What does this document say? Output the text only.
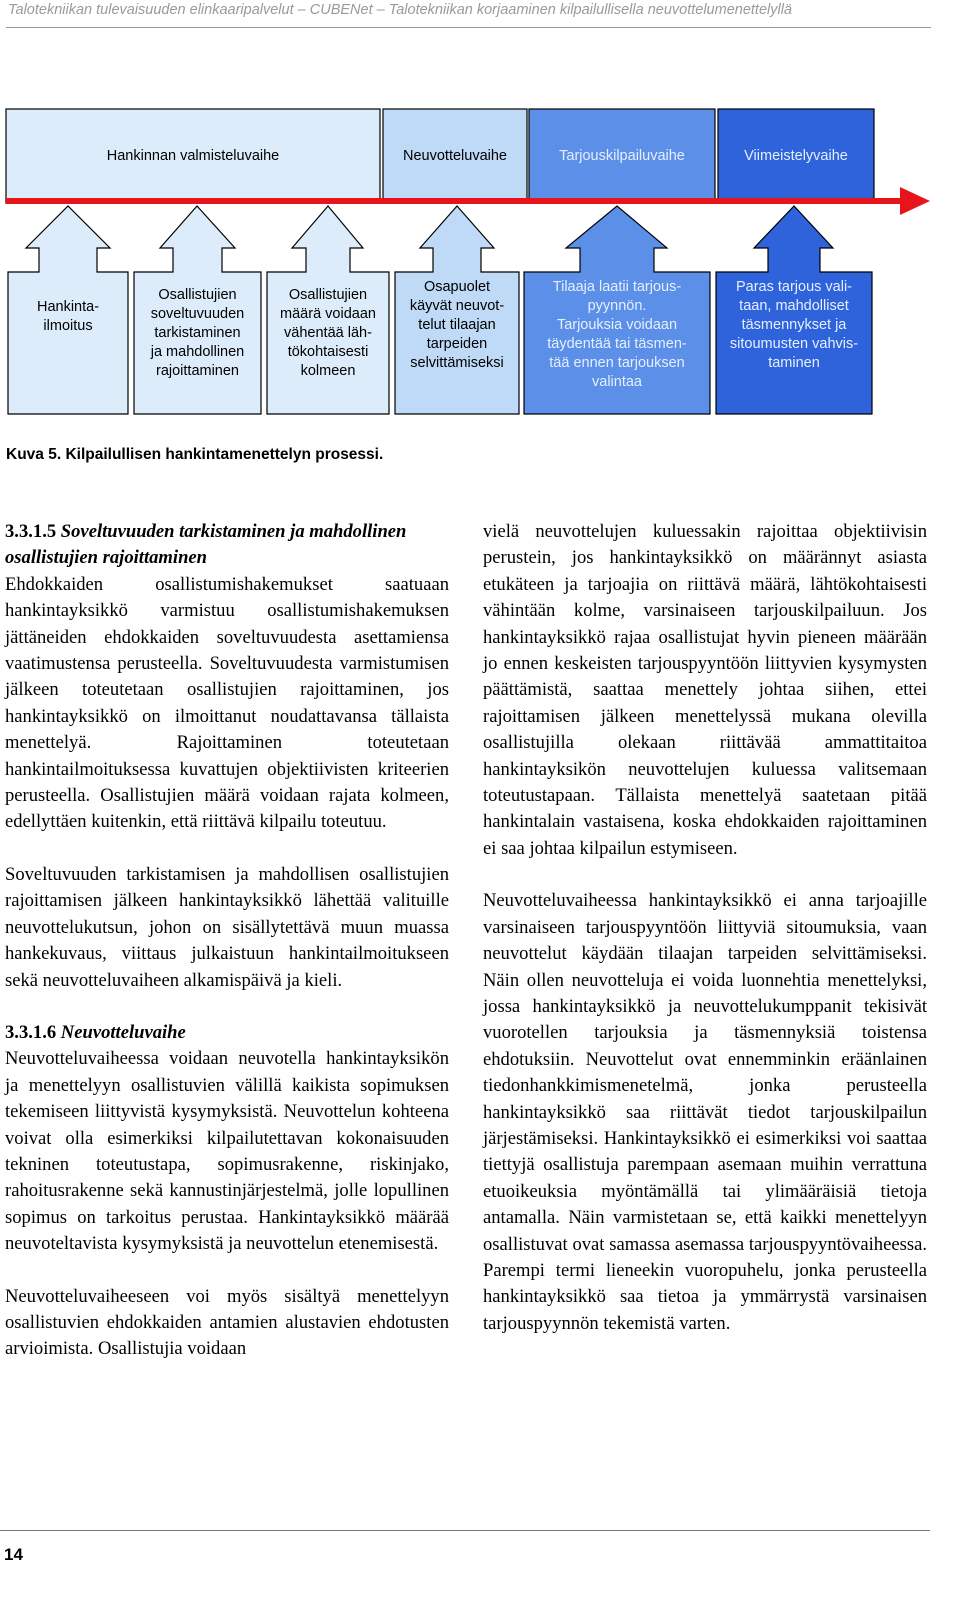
Talotekniikan tulevaisuuden elinkaaripalvelut – CUBENet – Talotekniikan korjaaminen kilpailullisella neuvottelumenettelyllä
Hankinnan valmisteluvaihe	Neuvotteluvaihe	Tarjouskilpailuvaihe	Viimeistelyvaihe
Hankinta-
ilmoitus
Osallistujien
soveltuvuuden
tarkistaminen
ja mahdollinen
rajoittaminen
Osallistujien
määrä voidaan
vähentää läh-
tökohtaisesti
kolmeen
Osapuolet
käyvät neuvot-
telut tilaajan
tarpeiden
selvittämiseksi
Tilaaja laatii tarjous-
pyynnön.
Tarjouksia voidaan
täydentää tai täsmen-
tää ennen tarjouksen
valintaa
Paras tarjous vali-
taan, mahdolliset
täsmennykset ja
sitoumusten vahvis-
taminen
Kuva 5. Kilpailullisen hankintamenettelyn prosessi.
3.3.1.5 Soveltuvuuden tarkistaminen ja mahdollinen osallistujien rajoittaminen

Ehdokkaiden osallistumishakemukset saatuaan hankintayksikkö varmistuu osallistumishakemuksen jättäneiden ehdokkaiden soveltuvuudesta asettamiensa vaatimustensa perusteella. Soveltuvuudesta varmistumisen jälkeen toteutetaan osallistujien rajoittaminen, jos hankintayksikkö on ilmoittanut noudattavansa tällaista menettelyä. Rajoittaminen toteutetaan hankintailmoituksessa kuvattujen objektiivisten kriteerien perusteella. Osallistujien määrä voidaan rajata kolmeen, edellyttäen kuitenkin, että riittävä kilpailu toteutuu.

Soveltuvuuden tarkistamisen ja mahdollisen osallistujien rajoittamisen jälkeen hankintayksikkö lähettää valituille neuvottelukutsun, johon on sisällytettävä muun muassa hankekuvaus, viittaus julkaistuun hankintailmoitukseen sekä neuvotteluvaiheen alkamispäivä ja kieli.

3.3.1.6 Neuvotteluvaihe

Neuvotteluvaiheessa voidaan neuvotella hankintayksikön ja menettelyyn osallistuvien välillä kaikista sopimuksen tekemiseen liittyvistä kysymyksistä. Neuvottelun kohteena voivat olla esimerkiksi kilpailutettavan kokonaisuuden tekninen toteutustapa, sopimusrakenne, riskinjako, rahoitusrakenne sekä kannustinjärjestelmä, jolle lopullinen sopimus on tarkoitus perustaa. Hankintayksikkö määrää neuvoteltavista kysymyksistä ja neuvottelun etenemisestä.

Neuvotteluvaiheeseen voi myös sisältyä menettelyyn osallistuvien ehdokkaiden antamien alustavien ehdotusten arvioimista. Osallistujia voidaan

vielä neuvottelujen kuluessakin rajoittaa objektiivisin perustein, jos hankintayksikkö on määrännyt asiasta etukäteen ja tarjoajia on riittävä määrä, lähtökohtaisesti vähintään kolme, varsinaiseen tarjouskilpailuun. Jos hankintayksikkö rajaa osallistujat hyvin pieneen määrään jo ennen keskeisten tarjouspyyntöön liittyvien kysymysten päättämistä, saattaa menettely johtaa siihen, ettei rajoittamisen jälkeen menettelyssä mukana olevilla osallistujilla olekaan riittävää ammattitaitoa hankintayksikön neuvottelujen kuluessa valitsemaan toteutustapaan. Tällaista menettelyä saatetaan pitää hankintalain vastaisena, koska ehdokkaiden rajoittaminen ei saa johtaa kilpailun estymiseen.

Neuvotteluvaiheessa hankintayksikkö ei anna tarjoajille varsinaiseen tarjouspyyntöön liittyviä sitoumuksia, vaan neuvottelut käydään tilaajan tarpeiden selvittämiseksi. Näin ollen neuvotteluja ei voida luonnehtia menettelyksi, jossa hankintayksikkö ja neuvottelukumppanit tekisivät vuorotellen tarjouksia ja täsmennyksiä toistensa ehdotuksiin. Neuvottelut ovat ennemminkin eräänlainen tiedonhankkimismenetelmä, jonka perusteella hankintayksikkö saa riittävät tiedot tarjouskilpailun järjestämiseksi. Hankintayksikkö ei esimerkiksi voi saattaa tiettyjä osallistuja parempaan asemaan muihin verrattuna etuoikeuksia myöntämällä tai ylimääräisiä tietoja antamalla. Näin varmistetaan se, että kaikki menettelyyn osallistuvat ovat samassa asemassa tarjouspyyntövaiheessa. Parempi termi lieneekin vuoropuhelu, jonka perusteella hankintayksikkö saa tietoa ja ymmärrystä varsinaisen tarjouspyynnön tekemistä varten.

14
